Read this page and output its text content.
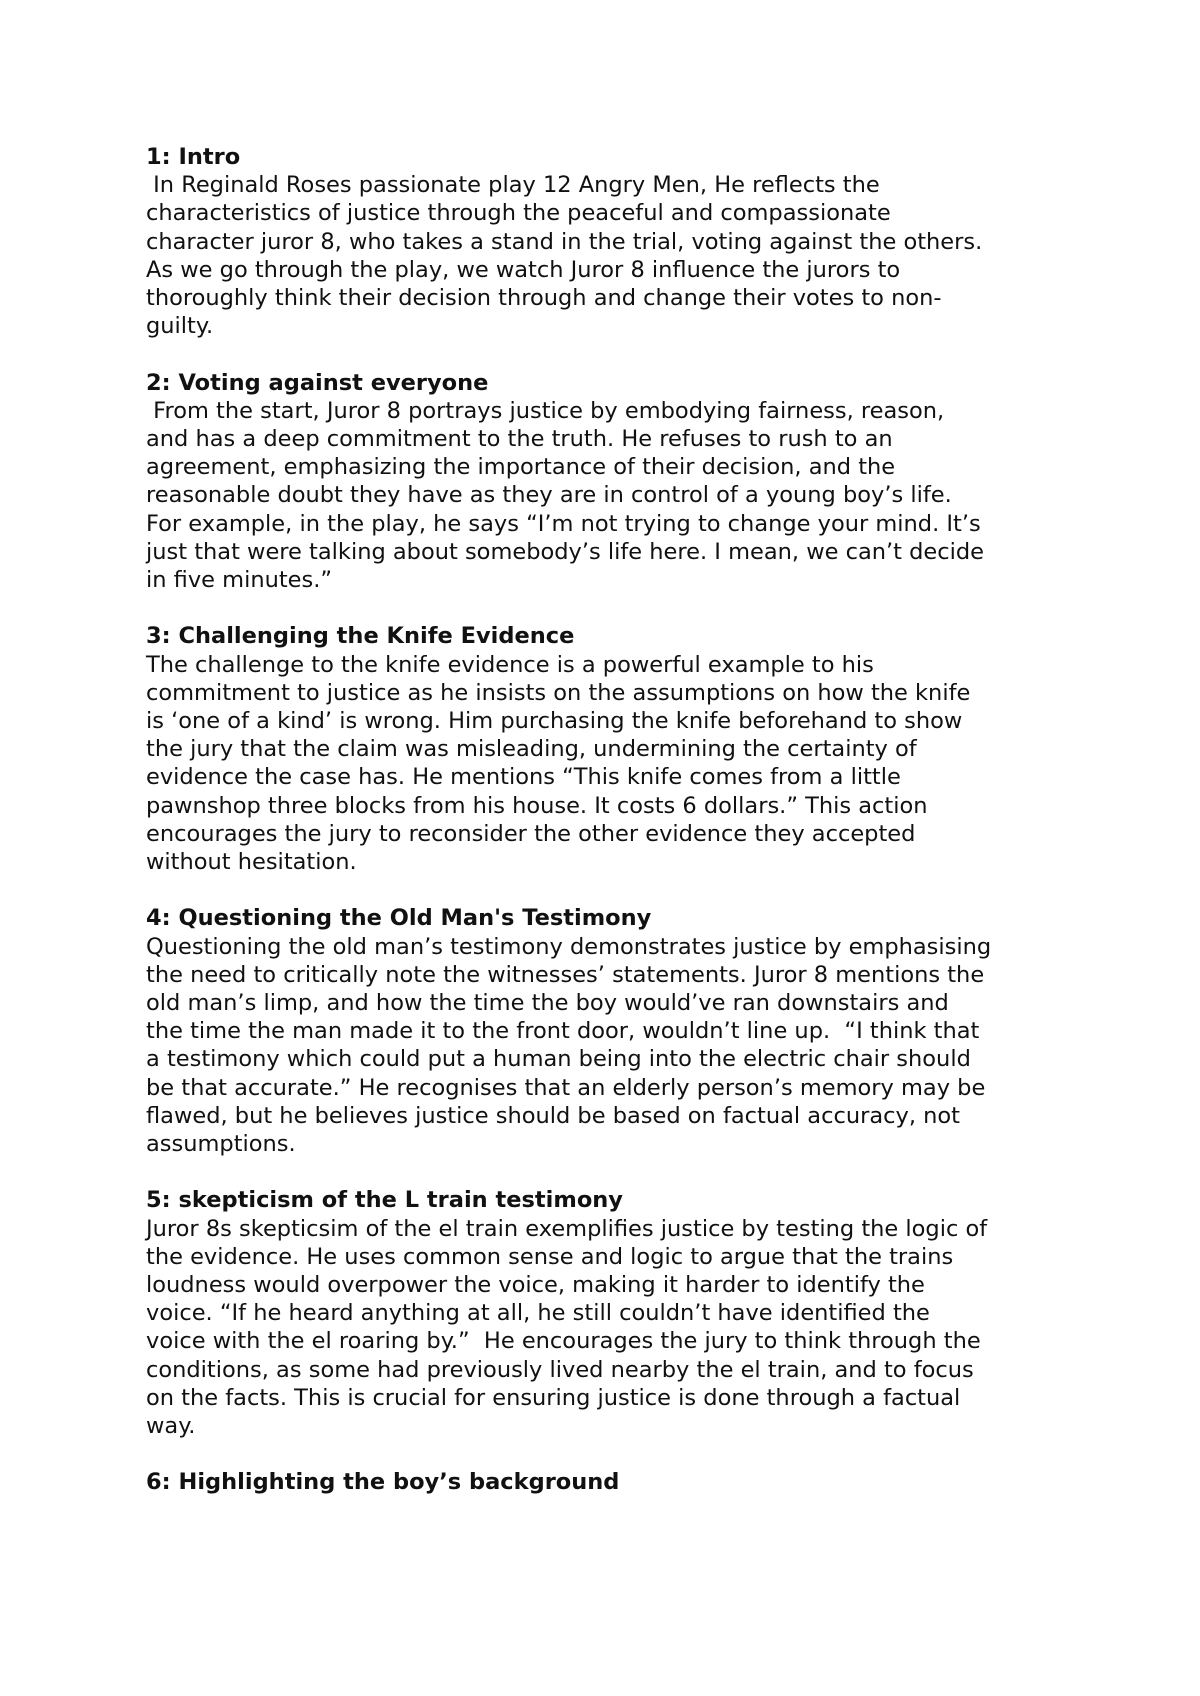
1: Intro

In Reginald Roses passionate play 12 Angry Men, He reflects the
characteristics of justice through the peaceful and compassionate
character juror 8, who takes a stand in the trial, voting against the others.
As we go through the play, we watch Juror 8 influence the jurors to
thoroughly think their decision through and change their votes to non-
guilty.

2: Voting against everyone

From the start, Juror 8 portrays justice by embodying fairness, reason,
and has a deep commitment to the truth. He refuses to rush to an
agreement, emphasizing the importance of their decision, and the
reasonable doubt they have as they are in control of a young boy’s life.
For example, in the play, he says “I’m not trying to change your mind. It’s
just that were talking about somebody’s life here. I mean, we can’t decide
in five minutes.”

3: Challenging the Knife Evidence

The challenge to the knife evidence is a powerful example to his
commitment to justice as he insists on the assumptions on how the knife
is ‘one of a kind’ is wrong. Him purchasing the knife beforehand to show
the jury that the claim was misleading, undermining the certainty of
evidence the case has. He mentions “This knife comes from a little
pawnshop three blocks from his house. It costs 6 dollars.” This action
encourages the jury to reconsider the other evidence they accepted
without hesitation.

4: Questioning the Old Man's Testimony

Questioning the old man’s testimony demonstrates justice by emphasising
the need to critically note the witnesses’ statements. Juror 8 mentions the
old man’s limp, and how the time the boy would’ve ran downstairs and
the time the man made it to the front door, wouldn’t line up.  “I think that
a testimony which could put a human being into the electric chair should
be that accurate.” He recognises that an elderly person’s memory may be
flawed, but he believes justice should be based on factual accuracy, not
assumptions.

5: skepticism of the L train testimony

Juror 8s skepticsim of the el train exemplifies justice by testing the logic of
the evidence. He uses common sense and logic to argue that the trains
loudness would overpower the voice, making it harder to identify the
voice. “If he heard anything at all, he still couldn’t have identified the
voice with the el roaring by.”  He encourages the jury to think through the
conditions, as some had previously lived nearby the el train, and to focus
on the facts. This is crucial for ensuring justice is done through a factual
way.

6: Highlighting the boy’s background
